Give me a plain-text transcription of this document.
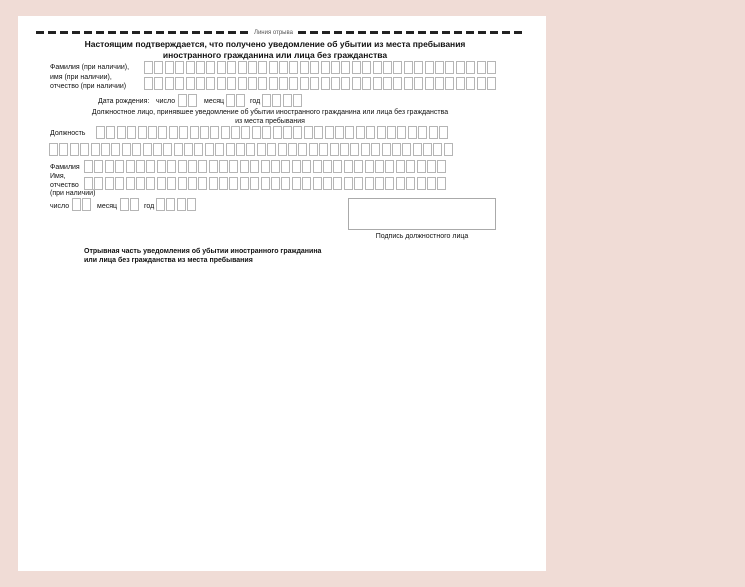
Линия отрыва
Настоящим подтверждается, что получено уведомление об убытии из места пребывания
иностранного гражданина или лица без гражданства
Фамилия (при наличии),
имя (при наличии),
отчество (при наличии)
Дата рождения: число	месяц	год
Должностное лицо, принявшее уведомление об убытии иностранного гражданина или лица без гражданства
из места пребывания
Должность
Фамилия
Имя,
отчество
(при наличии)
число	месяц	год
Подпись должностного лица
Отрывная часть уведомления об убытии иностранного гражданина
или лица без гражданства из места пребывания
